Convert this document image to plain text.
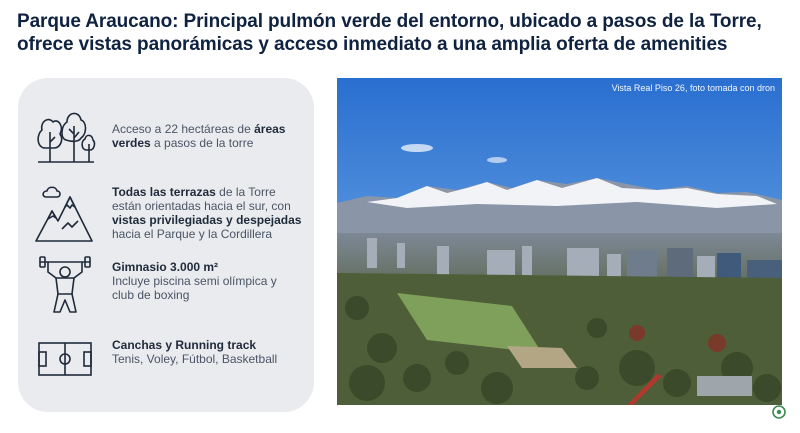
Parque Araucano: Principal pulmón verde del entorno, ubicado a pasos de la Torre,
ofrece vistas panorámicas y acceso inmediato a una amplia oferta de amenities
Acceso a 22 hectáreas de áreas verdes a pasos de la torre
Todas las terrazas de la Torre están orientadas hacia el sur, con vistas privilegiadas y despejadas hacia el Parque y la Cordillera
Gimnasio 3.000 m²
Incluye piscina semi olímpica y club de boxing
Canchas y Running track
Tenis, Voley, Fútbol, Basketball
Vista Real Piso 26, foto tomada con dron
